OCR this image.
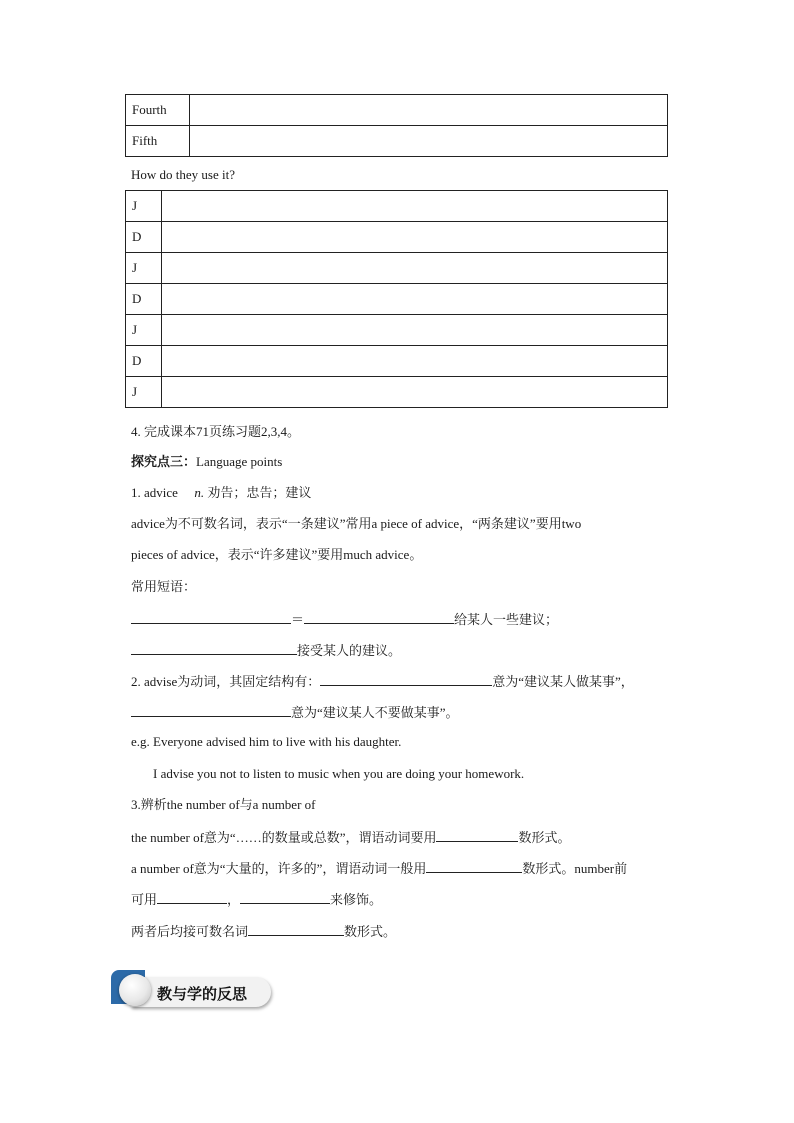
Fourth	
Fifth	
How do they use it?
J	
D	
J	
D	
J	
D	
J	
4. 完成课本71页练习题2,3,4。
探究点三：Language points
1. advice n. 劝告；忠告；建议
advice为不可数名词，表示“一条建议”常用a piece of advice，“两条建议”要用two
pieces of advice，表示“许多建议”要用much advice。
常用短语：
＝	给某人一些建议；
接受某人的建议。
2. advise为动词，其固定结构有：	意为“建议某人做某事”，
意为“建议某人不要做某事”。
e.g. Everyone advised him to live with his daughter.
I advise you not to listen to music when you are doing your homework.
3.辨析the number of与a number of
the number of意为“……的数量或总数”，谓语动词要用	数形式。
a number of意为“大量的，许多的”，谓语动词一般用	数形式。number前
可用	，	来修饰。
两者后均接可数名词	数形式。
教与学的反思
